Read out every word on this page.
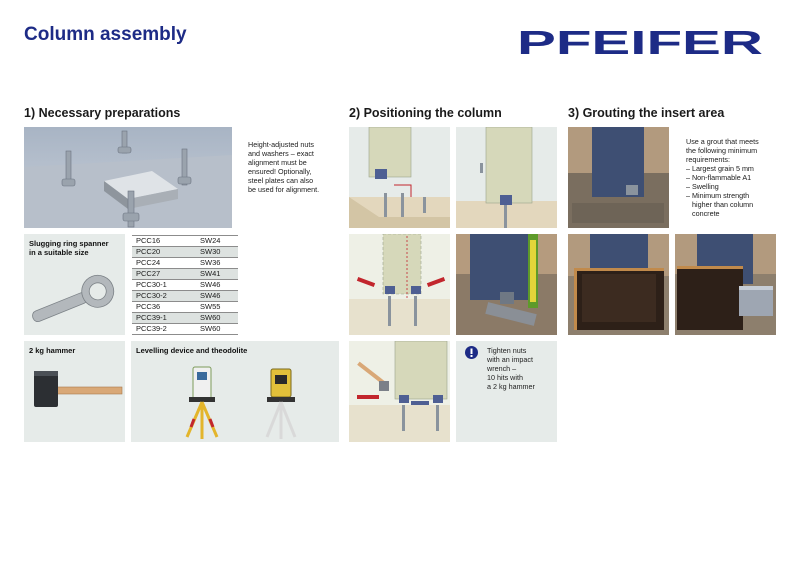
Column assembly	PFEIFER
1) Necessary preparations	2) Positioning the column	3) Grouting the insert area
Height-adjusted nuts
and washers – exact
alignment must be
ensured! Optionally,
steel plates can also
be used for alignment.
Slugging ring spanner
in a suitable size
PCC16	SW24
PCC20	SW30
PCC24	SW36
PCC27	SW41
PCC30-1	SW46
PCC30-2	SW46
PCC36	SW55
PCC39-1	SW60
PCC39-2	SW60
2 kg hammer	Levelling device and theodolite	Tighten nuts
with an impact
wrench –
10 hits with
a 2 kg hammer
Use a grout that meets
the following minimum
requirements:
– Largest grain 5 mm
– Non-flammable A1
– Swelling
– Minimum strength
higher than column
concrete
